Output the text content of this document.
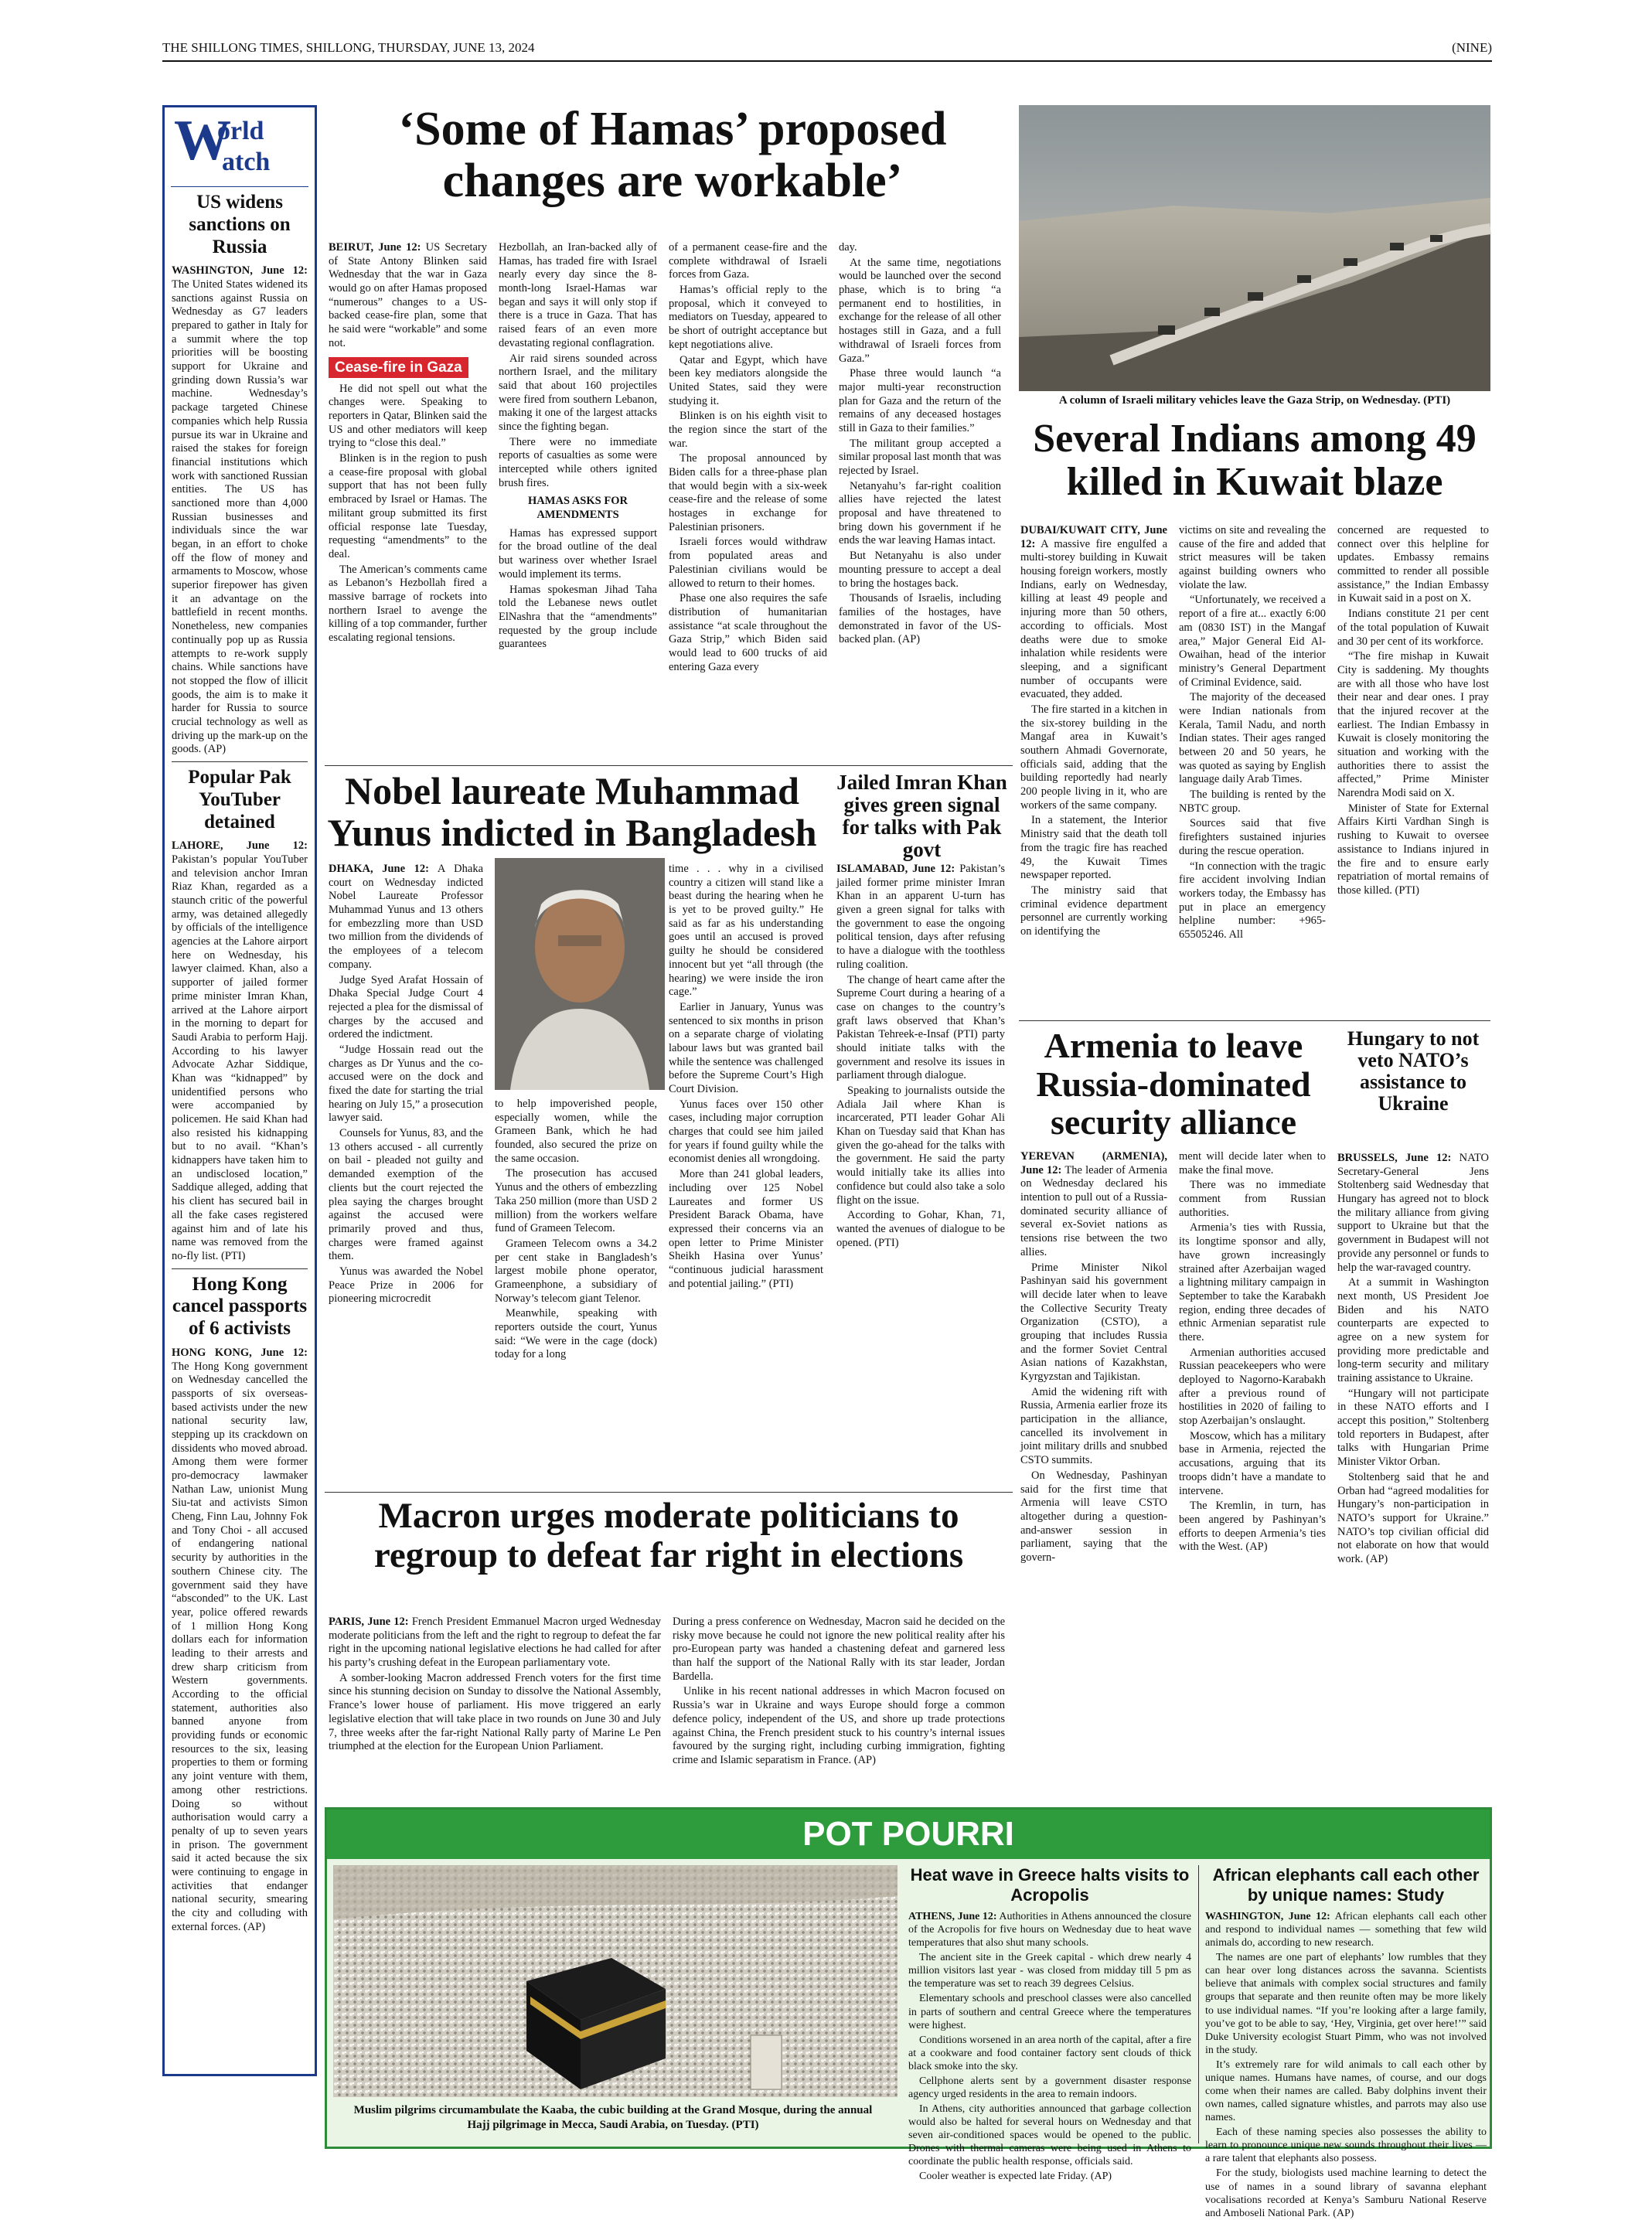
THE SHILLONG TIMES, SHILLONG, THURSDAY, JUNE 13, 2024	(NINE)
W
orld
atch
US widens sanctions on Russia

WASHINGTON, June 12: The United States widened its sanctions against Russia on Wednesday as G7 leaders prepared to gather in Italy for a summit where the top priorities will be boosting support for Ukraine and grinding down Russia’s war machine. Wednesday’s package targeted Chinese companies which help Russia pursue its war in Ukraine and raised the stakes for foreign financial institutions which work with sanctioned Russian entities. The US has sanctioned more than 4,000 Russian businesses and individuals since the war began, in an effort to choke off the flow of money and armaments to Moscow, whose superior firepower has given it an advantage on the battlefield in recent months. Nonetheless, new companies continually pop up as Russia attempts to re-work supply chains. While sanctions have not stopped the flow of illicit goods, the aim is to make it harder for Russia to source crucial technology as well as driving up the mark-up on the goods. (AP)

Popular Pak YouTuber detained

LAHORE, June 12: Pakistan’s popular YouTuber and television anchor Imran Riaz Khan, regarded as a staunch critic of the powerful army, was detained allegedly by officials of the intelligence agencies at the Lahore airport here on Wednesday, his lawyer claimed. Khan, also a supporter of jailed former prime minister Imran Khan, arrived at the Lahore airport in the morning to depart for Saudi Arabia to perform Hajj. According to his lawyer Advocate Azhar Siddique, Khan was “kidnapped” by unidentified persons who were accompanied by policemen. He said Khan had also resisted his kidnapping but to no avail. “Khan’s kidnappers have taken him to an undisclosed location,” Saddique alleged, adding that his client has secured bail in all the fake cases registered against him and of late his name was removed from the no-fly list. (PTI)

Hong Kong cancel passports of 6 activists

HONG KONG, June 12: The Hong Kong government on Wednesday cancelled the passports of six overseas-based activists under the new national security law, stepping up its crackdown on dissidents who moved abroad. Among them were former pro-democracy lawmaker Nathan Law, unionist Mung Siu-tat and activists Simon Cheng, Finn Lau, Johnny Fok and Tony Choi - all accused of endangering national security by authorities in the southern Chinese city. The government said they have “absconded” to the UK. Last year, police offered rewards of 1 million Hong Kong dollars each for information leading to their arrests and drew sharp criticism from Western governments. According to the official statement, authorities also banned anyone from providing funds or economic resources to the six, leasing properties to them or forming any joint venture with them, among other restrictions. Doing so without authorisation would carry a penalty of up to seven years in prison. The government said it acted because the six were continuing to engage in activities that endanger national security, smearing the city and colluding with external forces. (AP)

‘Some of Hamas’ proposed changes are workable’

BEIRUT, June 12: US Secretary of State Antony Blinken said Wednesday that the war in Gaza would go on after Hamas proposed “numerous” changes to a US-backed cease-fire plan, some that he said were “workable” and some not.

Cease-fire in Gaza

He did not spell out what the changes were. Speaking to reporters in Qatar, Blinken said the US and other mediators will keep trying to “close this deal.”

Blinken is in the region to push a cease-fire proposal with global support that has not been fully embraced by Israel or Hamas. The militant group submitted its first official response late Tuesday, requesting “amendments” to the deal.

The American’s comments came as Lebanon’s Hezbollah fired a massive barrage of rockets into northern Israel to avenge the killing of a top commander, further escalating regional tensions.

Hezbollah, an Iran-backed ally of Hamas, has traded fire with Israel nearly every day since the 8-month-long Israel-Hamas war began and says it will only stop if there is a truce in Gaza. That has raised fears of an even more devastating regional conflagration.

Air raid sirens sounded across northern Israel, and the military said that about 160 projectiles were fired from southern Lebanon, making it one of the largest attacks since the fighting began.

There were no immediate reports of casualties as some were intercepted while others ignited brush fires.

HAMAS ASKS FOR AMENDMENTS

Hamas has expressed support for the broad outline of the deal but wariness over whether Israel would implement its terms.

Hamas spokesman Jihad Taha told the Lebanese news outlet ElNashra that the “amendments” requested by the group include guarantees

of a permanent cease-fire and the complete withdrawal of Israeli forces from Gaza.

Hamas’s official reply to the proposal, which it conveyed to mediators on Tuesday, appeared to be short of outright acceptance but kept negotiations alive.

Qatar and Egypt, which have been key mediators alongside the United States, said they were studying it.

Blinken is on his eighth visit to the region since the start of the war.

The proposal announced by Biden calls for a three-phase plan that would begin with a six-week cease-fire and the release of some hostages in exchange for Palestinian prisoners.

Israeli forces would withdraw from populated areas and Palestinian civilians would be allowed to return to their homes.

Phase one also requires the safe distribution of humanitarian assistance “at scale throughout the Gaza Strip,” which Biden said would lead to 600 trucks of aid entering Gaza every

day.

At the same time, negotiations would be launched over the second phase, which is to bring “a permanent end to hostilities, in exchange for the release of all other hostages still in Gaza, and a full withdrawal of Israeli forces from Gaza.”

Phase three would launch “a major multi-year reconstruction plan for Gaza and the return of the remains of any deceased hostages still in Gaza to their families.”

The militant group accepted a similar proposal last month that was rejected by Israel.

Netanyahu’s far-right coalition allies have rejected the latest proposal and have threatened to bring down his government if he ends the war leaving Hamas intact.

But Netanyahu is also under mounting pressure to accept a deal to bring the hostages back.

Thousands of Israelis, including families of the hostages, have demonstrated in favor of the US-backed plan. (AP)

A column of Israeli military vehicles leave the Gaza Strip, on Wednesday. (PTI)
Several Indians among 49 killed in Kuwait blaze

DUBAI/KUWAIT CITY, June 12: A massive fire engulfed a multi-storey building in Kuwait housing foreign workers, mostly Indians, early on Wednesday, killing at least 49 people and injuring more than 50 others, according to officials. Most deaths were due to smoke inhalation while residents were sleeping, and a significant number of occupants were evacuated, they added.

The fire started in a kitchen in the six-storey building in the Mangaf area in Kuwait’s southern Ahmadi Governorate, officials said, adding that the building reportedly had nearly 200 people living in it, who are workers of the same company.

In a statement, the Interior Ministry said that the death toll from the tragic fire has reached 49, the Kuwait Times newspaper reported.

The ministry said that criminal evidence department personnel are currently working on identifying the

victims on site and revealing the cause of the fire and added that strict measures will be taken against building owners who violate the law.

“Unfortunately, we received a report of a fire at... exactly 6:00 am (0830 IST) in the Mangaf area,” Major General Eid Al-Owaihan, head of the interior ministry’s General Department of Criminal Evidence, said.

The majority of the deceased were Indian nationals from Kerala, Tamil Nadu, and north Indian states. Their ages ranged between 20 and 50 years, he was quoted as saying by English language daily Arab Times.

The building is rented by the NBTC group.

Sources said that five firefighters sustained injuries during the rescue operation.

“In connection with the tragic fire accident involving Indian workers today, the Embassy has put in place an emergency helpline number: +965-65505246. All

concerned are requested to connect over this helpline for updates. Embassy remains committed to render all possible assistance,” the Indian Embassy in Kuwait said in a post on X.

Indians constitute 21 per cent of the total population of Kuwait and 30 per cent of its workforce.

“The fire mishap in Kuwait City is saddening. My thoughts are with all those who have lost their near and dear ones. I pray that the injured recover at the earliest. The Indian Embassy in Kuwait is closely monitoring the situation and working with the authorities there to assist the affected,” Prime Minister Narendra Modi said on X.

Minister of State for External Affairs Kirti Vardhan Singh is rushing to Kuwait to oversee assistance to Indians injured in the fire and to ensure early repatriation of mortal remains of those killed. (PTI)

Nobel laureate Muhammad Yunus indicted in Bangladesh

DHAKA, June 12: A Dhaka court on Wednesday indicted Nobel Laureate Professor Muhammad Yunus and 13 others for embezzling more than USD two million from the dividends of the employees of a telecom company.

Judge Syed Arafat Hossain of Dhaka Special Judge Court 4 rejected a plea for the dismissal of charges by the accused and ordered the indictment.

“Judge Hossain read out the charges as Dr Yunus and the co-accused were on the dock and fixed the date for starting the trial hearing on July 15,” a prosecution lawyer said.

Counsels for Yunus, 83, and the 13 others accused - all currently on bail - pleaded not guilty and demanded exemption of the clients but the court rejected the plea saying the charges brought against the accused were primarily proved and thus, charges were framed against them.

Yunus was awarded the Nobel Peace Prize in 2006 for pioneering microcredit

to help impoverished people, especially women, while the Grameen Bank, which he had founded, also secured the prize on the same occasion.

The prosecution has accused Yunus and the others of embezzling Taka 250 million (more than USD 2 million) from the workers welfare fund of Grameen Telecom.

Grameen Telecom owns a 34.2 per cent stake in Bangladesh’s largest mobile phone operator, Grameenphone, a subsidiary of Norway’s telecom giant Telenor.

Meanwhile, speaking with reporters outside the court, Yunus said: “We were in the cage (dock) today for a long

time . . . why in a civilised country a citizen will stand like a beast during the hearing when he is yet to be proved guilty.” He said as far as his understanding goes until an accused is proved guilty he should be considered innocent but yet “all through (the hearing) we were inside the iron cage.”

Earlier in January, Yunus was sentenced to six months in prison on a separate charge of violating labour laws but was granted bail while the sentence was challenged before the Supreme Court’s High Court Division.

Yunus faces over 150 other cases, including major corruption charges that could see him jailed for years if found guilty while the economist denies all wrongdoing.

More than 241 global leaders, including over 125 Nobel Laureates and former US President Barack Obama, have expressed their concerns via an open letter to Prime Minister Sheikh Hasina over Yunus’ “continuous judicial harassment and potential jailing.” (PTI)

Jailed Imran Khan gives green signal for talks with Pak govt

ISLAMABAD, June 12: Pakistan’s jailed former prime minister Imran Khan in an apparent U-turn has given a green signal for talks with the government to ease the ongoing political tension, days after refusing to have a dialogue with the toothless ruling coalition.

The change of heart came after the Supreme Court during a hearing of a case on changes to the country’s graft laws observed that Khan’s Pakistan Tehreek-e-Insaf (PTI) party should initiate talks with the government and resolve its issues in parliament through dialogue.

Speaking to journalists outside the Adiala Jail where Khan is incarcerated, PTI leader Gohar Ali Khan on Tuesday said that Khan has given the go-ahead for the talks with the government. He said the party would initially take its allies into confidence but could also take a solo flight on the issue.

According to Gohar, Khan, 71, wanted the avenues of dialogue to be opened. (PTI)

Armenia to leave Russia-dominated security alliance

YEREVAN (ARMENIA), June 12: The leader of Armenia on Wednesday declared his intention to pull out of a Russia-dominated security alliance of several ex-Soviet nations as tensions rise between the two allies.

Prime Minister Nikol Pashinyan said his government will decide later when to leave the Collective Security Treaty Organization (CSTO), a grouping that includes Russia and the former Soviet Central Asian nations of Kazakhstan, Kyrgyzstan and Tajikistan.

Amid the widening rift with Russia, Armenia earlier froze its participation in the alliance, cancelled its involvement in joint military drills and snubbed CSTO summits.

On Wednesday, Pashinyan said for the first time that Armenia will leave CSTO altogether during a question-and-answer session in parliament, saying that the govern-

ment will decide later when to make the final move.

There was no immediate comment from Russian authorities.

Armenia’s ties with Russia, its longtime sponsor and ally, have grown increasingly strained after Azerbaijan waged a lightning military campaign in September to take the Karabakh region, ending three decades of ethnic Armenian separatist rule there.

Armenian authorities accused Russian peacekeepers who were deployed to Nagorno-Karabakh after a previous round of hostilities in 2020 of failing to stop Azerbaijan’s onslaught.

Moscow, which has a military base in Armenia, rejected the accusations, arguing that its troops didn’t have a mandate to intervene.

The Kremlin, in turn, has been angered by Pashinyan’s efforts to deepen Armenia’s ties with the West. (AP)

Hungary to not veto NATO’s assistance to Ukraine

BRUSSELS, June 12: NATO Secretary-General Jens Stoltenberg said Wednesday that Hungary has agreed not to block the military alliance from giving support to Ukraine but that the government in Budapest will not provide any personnel or funds to help the war-ravaged country.

At a summit in Washington next month, US President Joe Biden and his NATO counterparts are expected to agree on a new system for providing more predictable and long-term security and military training assistance to Ukraine.

“Hungary will not participate in these NATO efforts and I accept this position,” Stoltenberg told reporters in Budapest, after talks with Hungarian Prime Minister Viktor Orban.

Stoltenberg said that he and Orban had “agreed modalities for Hungary’s non-participation in NATO’s support for Ukraine.” NATO’s top civilian official did not elaborate on how that would work. (AP)

Macron urges moderate politicians to regroup to defeat far right in elections

PARIS, June 12: French President Emmanuel Macron urged Wednesday moderate politicians from the left and the right to regroup to defeat the far right in the upcoming national legislative elections he had called for after his party’s crushing defeat in the European parliamentary vote.

A somber-looking Macron addressed French voters for the first time since his stunning decision on Sunday to dissolve the National Assembly, France’s lower house of parliament. His move triggered an early legislative election that will take place in two rounds on June 30 and July 7, three weeks after the far-right National Rally party of Marine Le Pen triumphed at the election for the European Union Parliament.

During a press conference on Wednesday, Macron said he decided on the risky move because he could not ignore the new political reality after his pro-European party was handed a chastening defeat and garnered less than half the support of the National Rally with its star leader, Jordan Bardella.

Unlike in his recent national addresses in which Macron focused on Russia’s war in Ukraine and ways Europe should forge a common defence policy, independent of the US, and shore up trade protections against China, the French president stuck to his country’s internal issues favoured by the surging right, including curbing immigration, fighting crime and Islamic separatism in France. (AP)

POT POURRI
Muslim pilgrims circumambulate the Kaaba, the cubic building at the Grand Mosque, during the annual Hajj pilgrimage in Mecca, Saudi Arabia, on Tuesday. (PTI)
Heat wave in Greece halts visits to Acropolis

ATHENS, June 12: Authorities in Athens announced the closure of the Acropolis for five hours on Wednesday due to heat wave temperatures that also shut many schools.

The ancient site in the Greek capital - which drew nearly 4 million visitors last year - was closed from midday till 5 pm as the temperature was set to reach 39 degrees Celsius.

Elementary schools and preschool classes were also cancelled in parts of southern and central Greece where the temperatures were highest.

Conditions worsened in an area north of the capital, after a fire at a cookware and food container factory sent clouds of thick black smoke into the sky.

Cellphone alerts sent by a government disaster response agency urged residents in the area to remain indoors.

In Athens, city authorities announced that garbage collection would also be halted for several hours on Wednesday and that seven air-conditioned spaces would be opened to the public. Drones with thermal cameras were being used in Athens to coordinate the public health response, officials said.

Cooler weather is expected late Friday. (AP)

African elephants call each other by unique names: Study

WASHINGTON, June 12: African elephants call each other and respond to individual names — something that few wild animals do, according to new research.

The names are one part of elephants’ low rumbles that they can hear over long distances across the savanna. Scientists believe that animals with complex social structures and family groups that separate and then reunite often may be more likely to use individual names. “If you’re looking after a large family, you’ve got to be able to say, ‘Hey, Virginia, get over here!’” said Duke University ecologist Stuart Pimm, who was not involved in the study.

It’s extremely rare for wild animals to call each other by unique names. Humans have names, of course, and our dogs come when their names are called. Baby dolphins invent their own names, called signature whistles, and parrots may also use names.

Each of these naming species also possesses the ability to learn to pronounce unique new sounds throughout their lives — a rare talent that elephants also possess.

For the study, biologists used machine learning to detect the use of names in a sound library of savanna elephant vocalisations recorded at Kenya’s Samburu National Reserve and Amboseli National Park. (AP)
